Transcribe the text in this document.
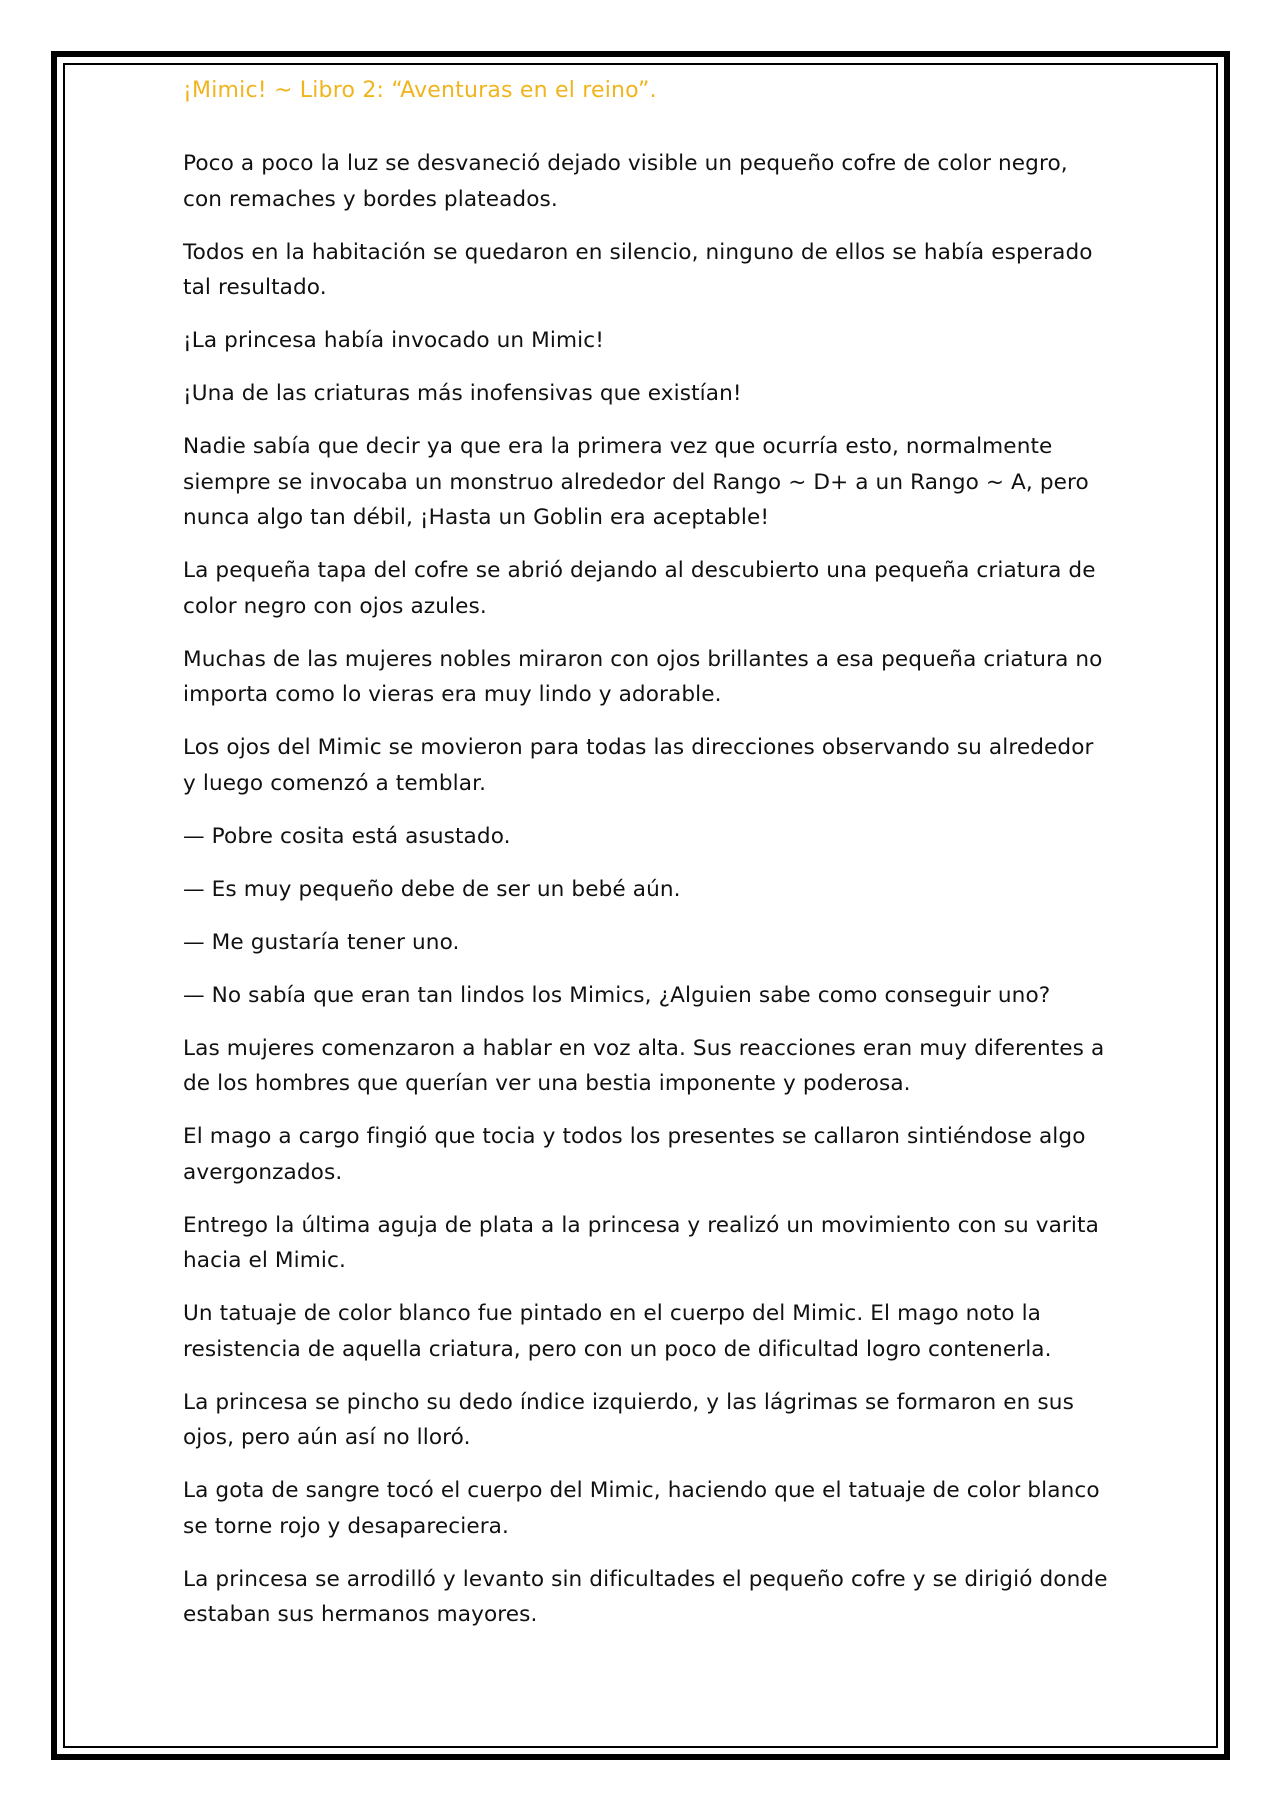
¡Mimic! ~ Libro 2: “Aventuras en el reino”.

Poco a poco la luz se desvaneció dejado visible un pequeño cofre de color negro, con remaches y bordes plateados.

Todos en la habitación se quedaron en silencio, ninguno de ellos se había esperado tal resultado.

¡La princesa había invocado un Mimic!

¡Una de las criaturas más inofensivas que existían!

Nadie sabía que decir ya que era la primera vez que ocurría esto, normalmente siempre se invocaba un monstruo alrededor del Rango ~ D+ a un Rango ~ A, pero nunca algo tan débil, ¡Hasta un Goblin era aceptable!

La pequeña tapa del cofre se abrió dejando al descubierto una pequeña criatura de color negro con ojos azules.

Muchas de las mujeres nobles miraron con ojos brillantes a esa pequeña criatura no importa como lo vieras era muy lindo y adorable.

Los ojos del Mimic se movieron para todas las direcciones observando su alrededor y luego comenzó a temblar.

— Pobre cosita está asustado.

— Es muy pequeño debe de ser un bebé aún.

— Me gustaría tener uno.

— No sabía que eran tan lindos los Mimics, ¿Alguien sabe como conseguir uno?

Las mujeres comenzaron a hablar en voz alta. Sus reacciones eran muy diferentes a de los hombres que querían ver una bestia imponente y poderosa.

El mago a cargo fingió que tocia y todos los presentes se callaron sintiéndose algo avergonzados.

Entrego la última aguja de plata a la princesa y realizó un movimiento con su varita hacia el Mimic.

Un tatuaje de color blanco fue pintado en el cuerpo del Mimic. El mago noto la resistencia de aquella criatura, pero con un poco de dificultad logro contenerla.

La princesa se pincho su dedo índice izquierdo, y las lágrimas se formaron en sus ojos, pero aún así no lloró.

La gota de sangre tocó el cuerpo del Mimic, haciendo que el tatuaje de color blanco se torne rojo y desapareciera.

La princesa se arrodilló y levanto sin dificultades el pequeño cofre y se dirigió donde estaban sus hermanos mayores.
